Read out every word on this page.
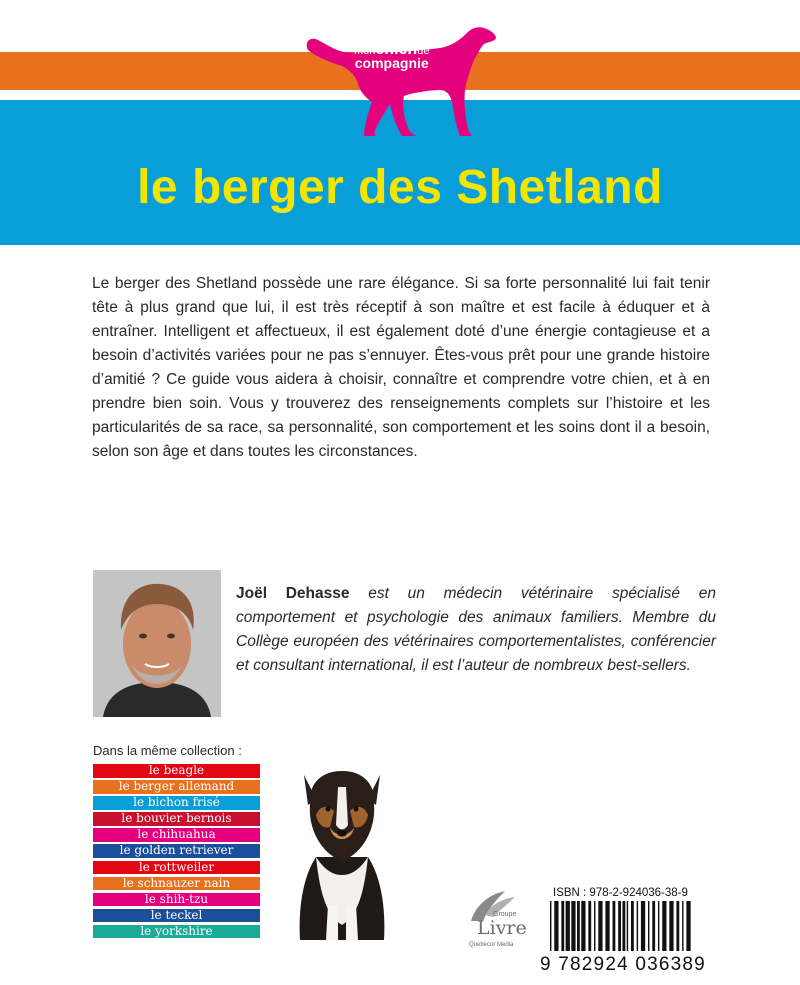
monchiende
compagnie
le berger des Shetland

Le berger des Shetland possède une rare élégance. Si sa forte personnalité lui fait tenir tête à plus grand que lui, il est très réceptif à son maître et est facile à éduquer et à entraîner. Intelligent et affectueux, il est également doté d’une énergie contagieuse et a besoin d’activités variées pour ne pas s’ennuyer. Êtes-vous prêt pour une grande histoire d’amitié ? Ce guide vous aidera à choisir, connaître et comprendre votre chien, et à en prendre bien soin. Vous y trouverez des renseignements complets sur l’histoire et les particularités de sa race, sa personnalité, son comportement et les soins dont il a besoin, selon son âge et dans toutes les circonstances.

Joël Dehasse est un médecin vétérinaire spécialisé en comportement et psychologie des animaux familiers. Membre du Collège européen des vétérinaires comportementalistes, conférencier et consultant international, il est l’auteur de nombreux best-sellers.

Dans la même collection :
le beagle
le berger allemand
le bichon frisé
le bouvier bernois
le chihuahua
le golden retriever
le rottweiler
le schnauzer nain
le shih-tzu
le teckel
le yorkshire
Groupe
Livre
Quebecor Media
ISBN : 978-2-924036-38-9
9 782924 036389
